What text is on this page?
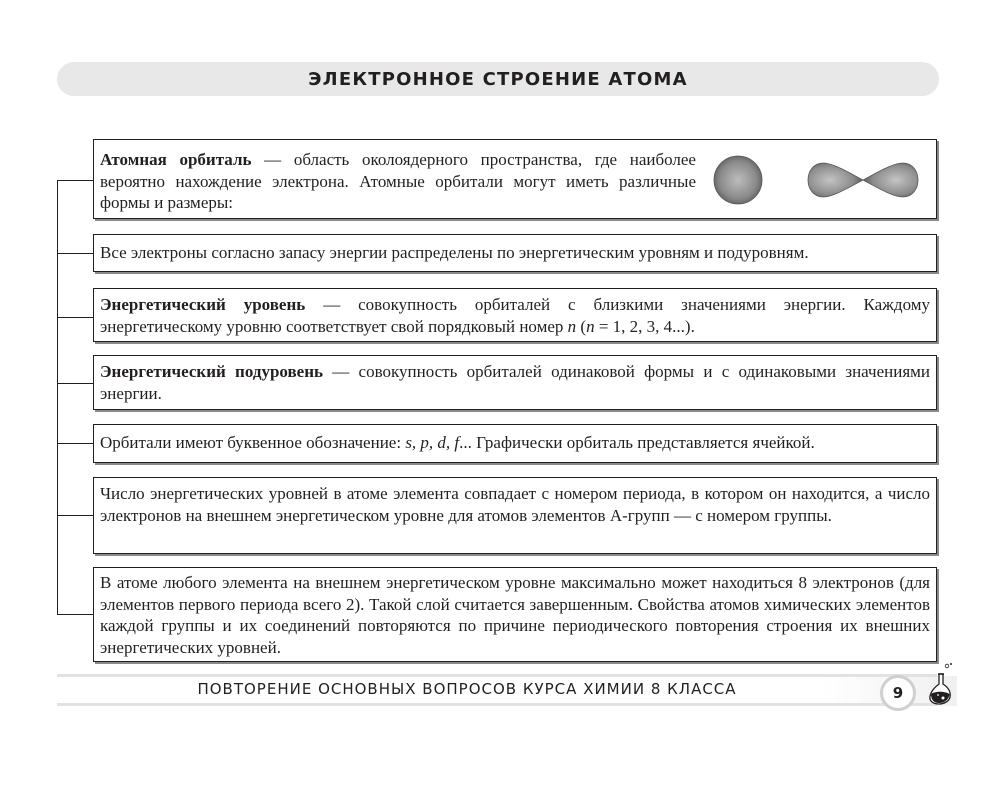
ЭЛЕКТРОННОЕ СТРОЕНИЕ АТОМА
Атомная орбиталь — область околоядерного пространства, где наиболее вероятно нахождение электрона. Атомные орбитали могут иметь различные формы и размеры:
Все электроны согласно запасу энергии распределены по энергетическим уровням и подуровням.
Энергетический уровень — совокупность орбиталей с близкими значениями энергии. Каждому энергетическому уровню соответствует свой порядковый номер n (n = 1, 2, 3, 4...).
Энергетический подуровень — совокупность орбиталей одинаковой формы и с одинаковыми значениями энергии.
Орбитали имеют буквенное обозначение: s, p, d, f... Графически орбиталь представляется ячейкой.
Число энергетических уровней в атоме элемента совпадает с номером периода, в котором он находится, а число электронов на внешнем энергетическом уровне для атомов элементов А-групп — с номером группы.
В атоме любого элемента на внешнем энергетическом уровне максимально может находиться 8 электронов (для элементов первого периода всего 2). Такой слой считается завершенным. Свойства атомов химических элементов каждой группы и их соединений повторяются по причине периодического повторения строения их внешних энергетических уровней.
ПОВТОРЕНИЕ ОСНОВНЫХ ВОПРОСОВ КУРСА ХИМИИ 8 КЛАССА	9
